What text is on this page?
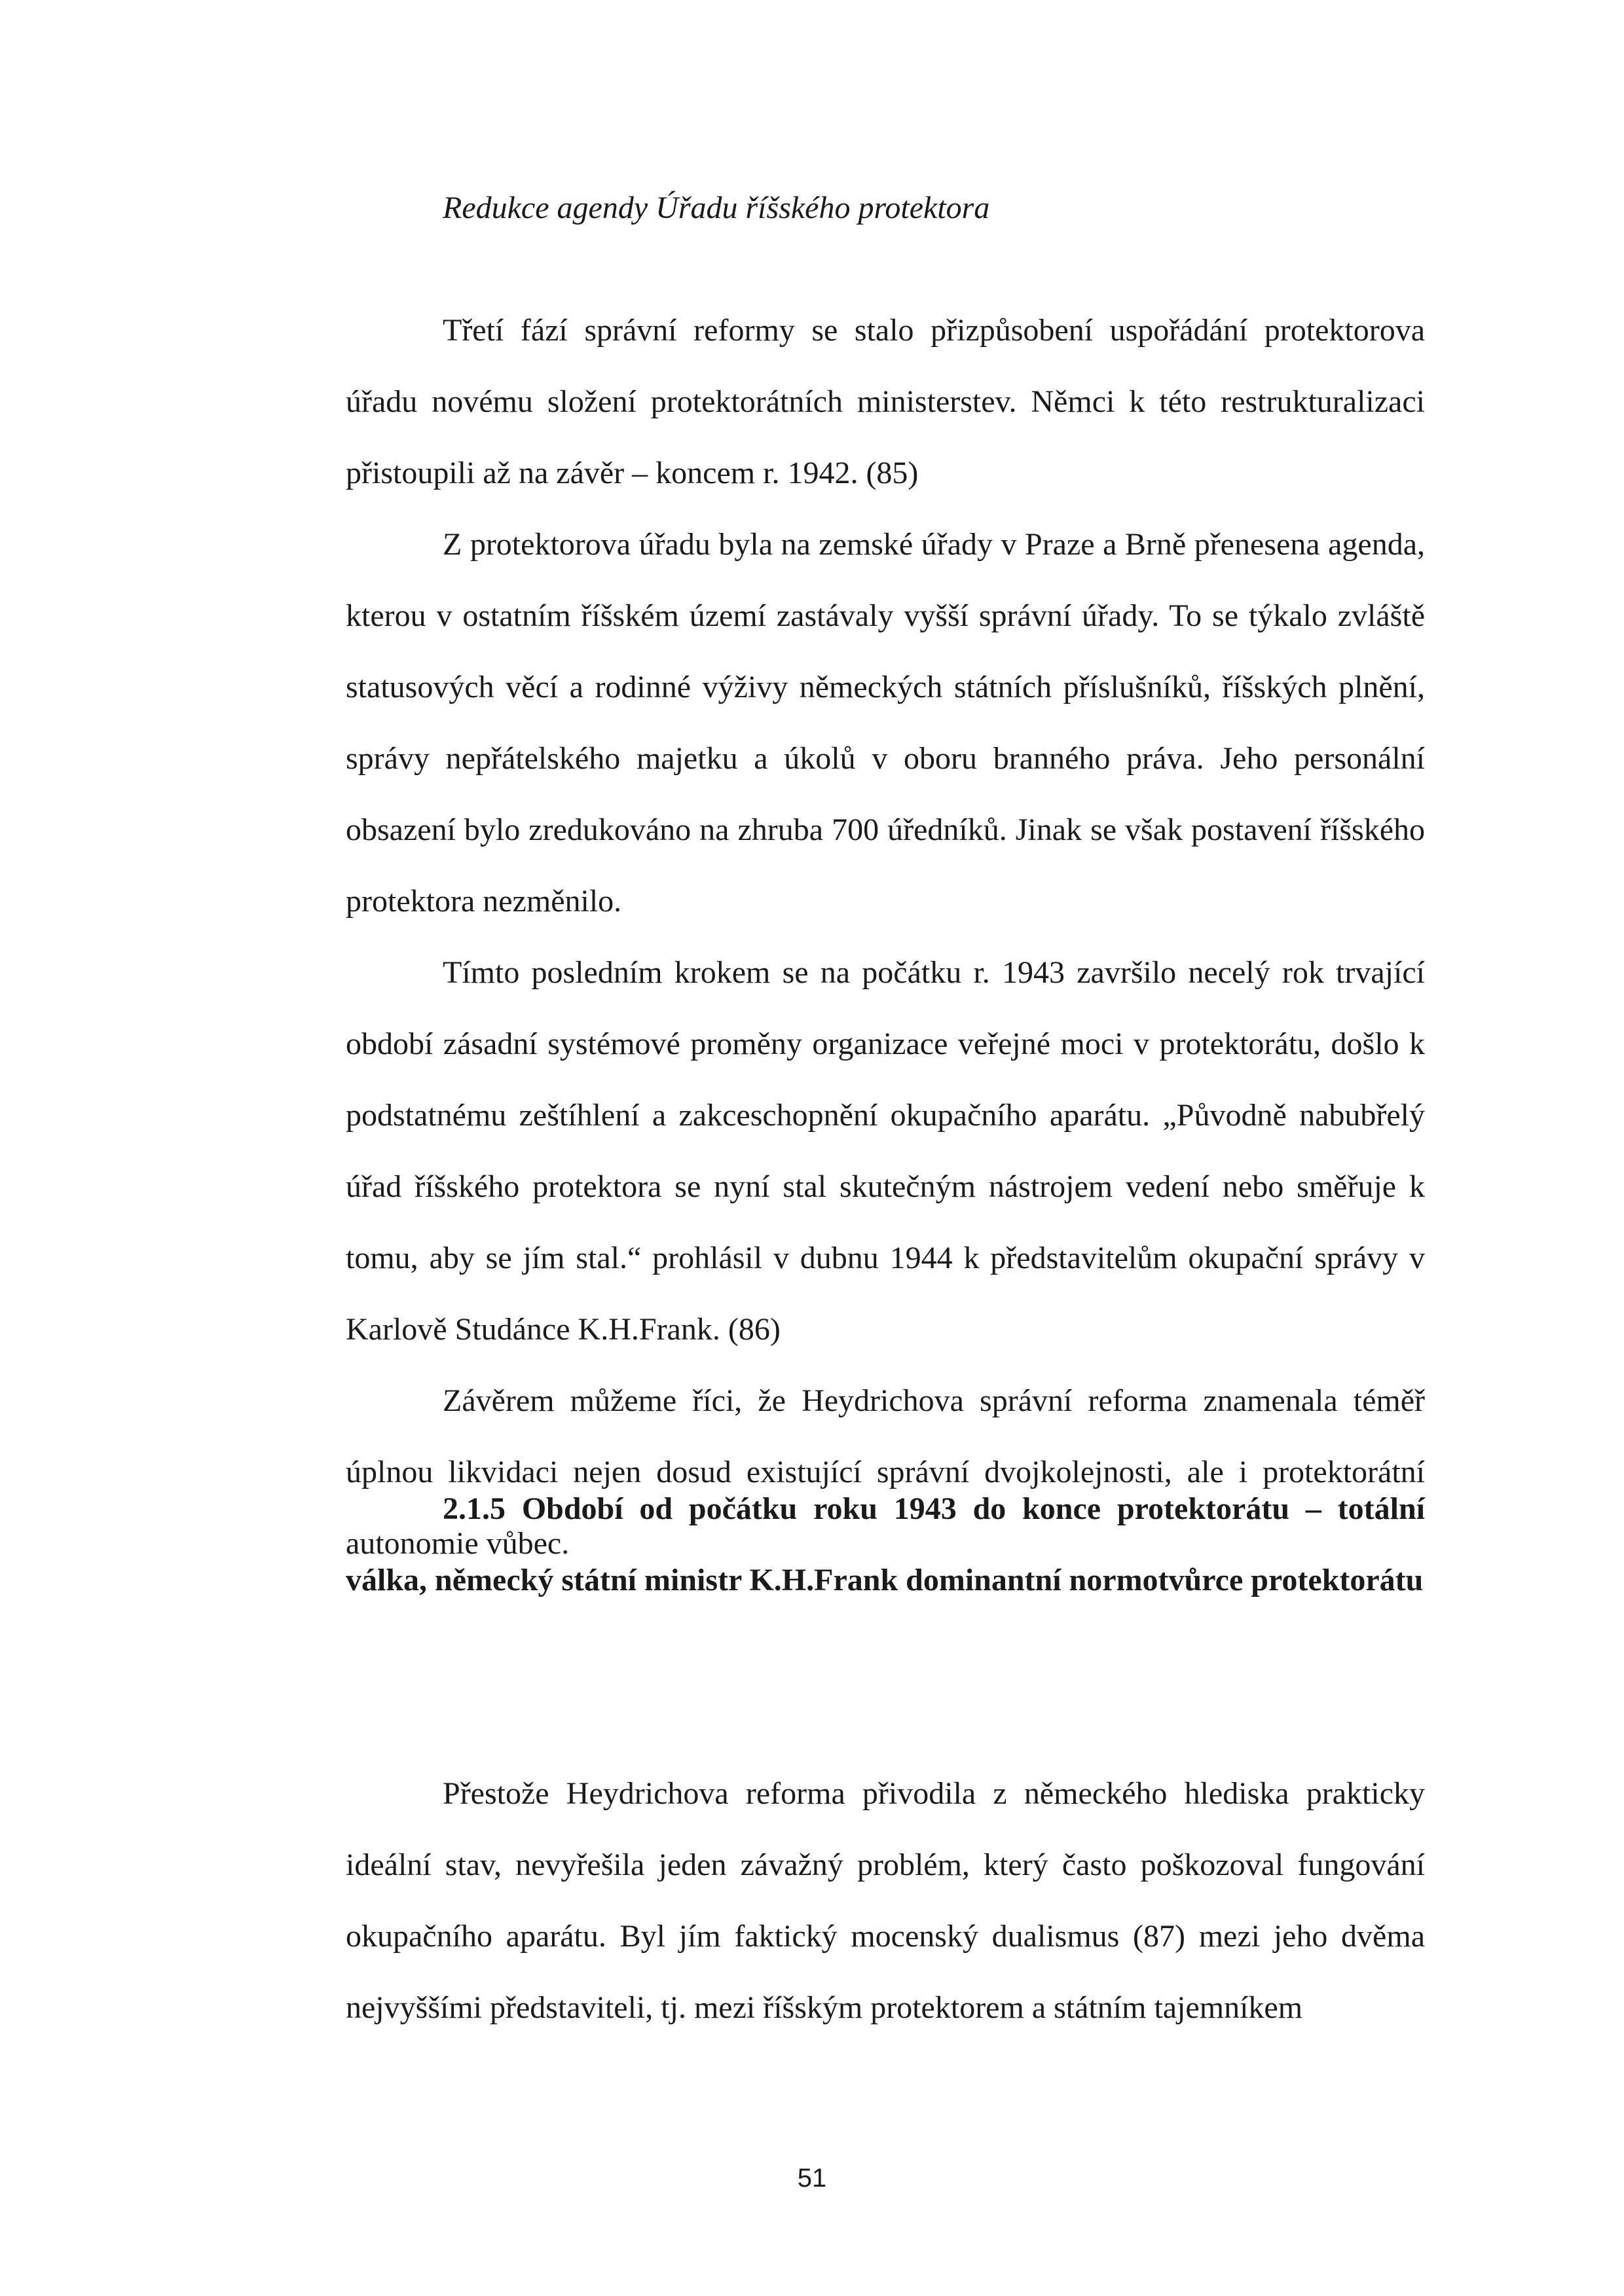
Redukce agendy Úřadu říšského protektora

Třetí fází správní reformy se stalo přizpůsobení uspořádání protektorova úřadu novému složení protektorátních ministerstev. Němci k této restrukturalizaci přistoupili až na závěr – koncem r. 1942. (85)

Z protektorova úřadu byla na zemské úřady v Praze a Brně přenesena agenda, kterou v ostatním říšském území zastávaly vyšší správní úřady. To se týkalo zvláště statusových věcí a rodinné výživy německých státních příslušníků, říšských plnění, správy nepřátelského majetku a úkolů v oboru branného práva. Jeho personální obsazení bylo zredukováno na zhruba 700 úředníků. Jinak se však postavení říšského protektora nezměnilo.

Tímto posledním krokem se na počátku r. 1943 završilo necelý rok trvající období zásadní systémové proměny organizace veřejné moci v protektorátu, došlo k podstatnému zeštíhlení a zakceschopnění okupačního aparátu. „Původně nabubřelý úřad říšského protektora se nyní stal skutečným nástrojem vedení nebo směřuje k tomu, aby se jím stal.“ prohlásil v dubnu 1944 k představitelům okupační správy v Karlově Studánce K.H.Frank. (86)

Závěrem můžeme říci, že Heydrichova správní reforma znamenala téměř úplnou likvidaci nejen dosud existující správní dvojkolejnosti, ale i protektorátní autonomie vůbec.

2.1.5 Období od počátku roku 1943 do konce protektorátu – totální válka, německý státní ministr K.H.Frank dominantní normotvůrce protektorátu

Přestože Heydrichova reforma přivodila z německého hlediska prakticky ideální stav, nevyřešila jeden závažný problém, který často poškozoval fungování okupačního aparátu. Byl jím faktický mocenský dualismus (87) mezi jeho dvěma nejvyššími představiteli, tj. mezi říšským protektorem a státním tajemníkem

51
